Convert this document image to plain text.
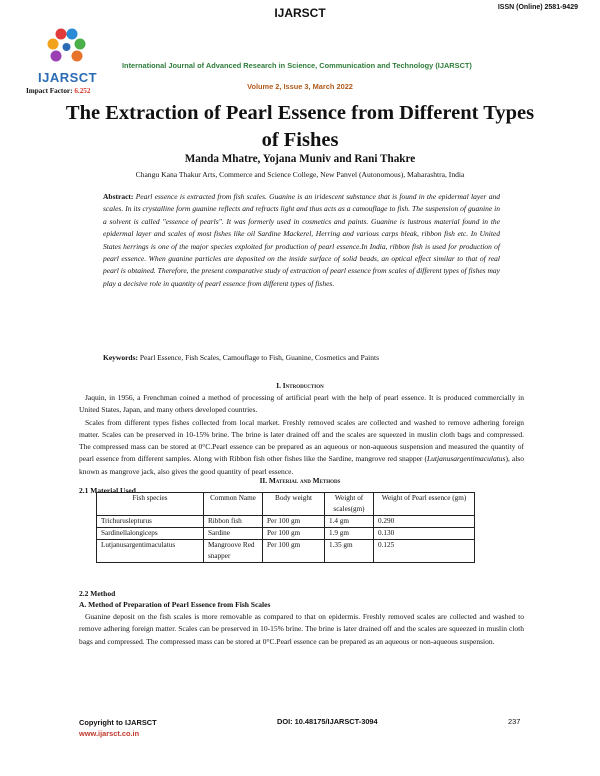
IJARSCT	ISSN (Online) 2581-9429
IJARSCT
Impact Factor: 6.252
International Journal of Advanced Research in Science, Communication and Technology (IJARSCT)
Volume 2, Issue 3, March 2022
The Extraction of Pearl Essence from Different Types of Fishes
Manda Mhatre, Yojana Muniv and Rani Thakre
Changu Kana Thakur Arts, Commerce and Science College, New Panvel (Autonomous), Maharashtra, India
Abstract: Pearl essence is extracted from fish scales. Guanine is an iridescent substance that is found in the epidermal layer and scales. In its crystalline form guanine reflects and refracts light and thus acts as a camouflage to fish. The suspension of guanine in a solvent is called "essence of pearls". It was formerly used in cosmetics and paints. Guanine is lustrous material found in the epidermal layer and scales of most fishes like oil Sardine Mackerel, Herring and various carps bleak, ribbon fish etc. In United States herrings is one of the major species exploited for production of pearl essence.In India, ribbon fish is used for production of pearl essence. When guanine particles are deposited on the inside surface of solid beads, an optical effect similar to that of real pearl is obtained. Therefore, the present comparative study of extraction of pearl essence from scales of different types of fishes may play a decisive role in quantity of pearl essence from different types of fishes.
Keywords: Pearl Essence, Fish Scales, Camouflage to Fish, Guanine, Cosmetics and Paints
I. Introduction

Jaquin, in 1956, a Frenchman coined a method of processing of artificial pearl with the help of pearl essence. It is produced commercially in United States, Japan, and many others developed countries.

Scales from different types fishes collected from local market. Freshly removed scales are collected and washed to remove adhering foreign matter. Scales can be preserved in 10-15% brine. The brine is later drained off and the scales are squeezed in muslin cloth bags and compressed. The compressed mass can be stored at 0°C.Pearl essence can be prepared as an aqueous or non-aqueous suspension and measured the quantity of pearl essence from different samples. Along with Ribbon fish other fishes like the Sardine, mangrove red snapper (Lutjanusargentimaculatus), also known as mangrove jack, also gives the good quantity of pearl essence.

II. Material and Methods
2.1 Material Used
Fish species	Common Name	Body weight	Weight of scales(gm)	Weight of Pearl essence (gm)
Trichuruslepturus	Ribbon fish	Per 100 gm	1.4 gm	0.290
Sardinellalongiceps	Sardine	Per 100 gm	1.9 gm	0.130
Lutjanusargentimaculatus	Mangroove Red snapper	Per 100 gm	1.35 gm	0.125
2.2 Method
A. Method of Preparation of Pearl Essence from Fish Scales

Guanine deposit on the fish scales is more removable as compared to that on epidermis. Freshly removed scales are collected and washed to remove adhering foreign matter. Scales can be preserved in 10-15% brine. The brine is later drained off and the scales are squeezed in muslin cloth bags and compressed. The compressed mass can be stored at 0°C.Pearl essence can be prepared as an aqueous or non-aqueous suspension.

Copyright to IJARSCT
www.ijarsct.co.in
DOI: 10.48175/IJARSCT-3094	237
